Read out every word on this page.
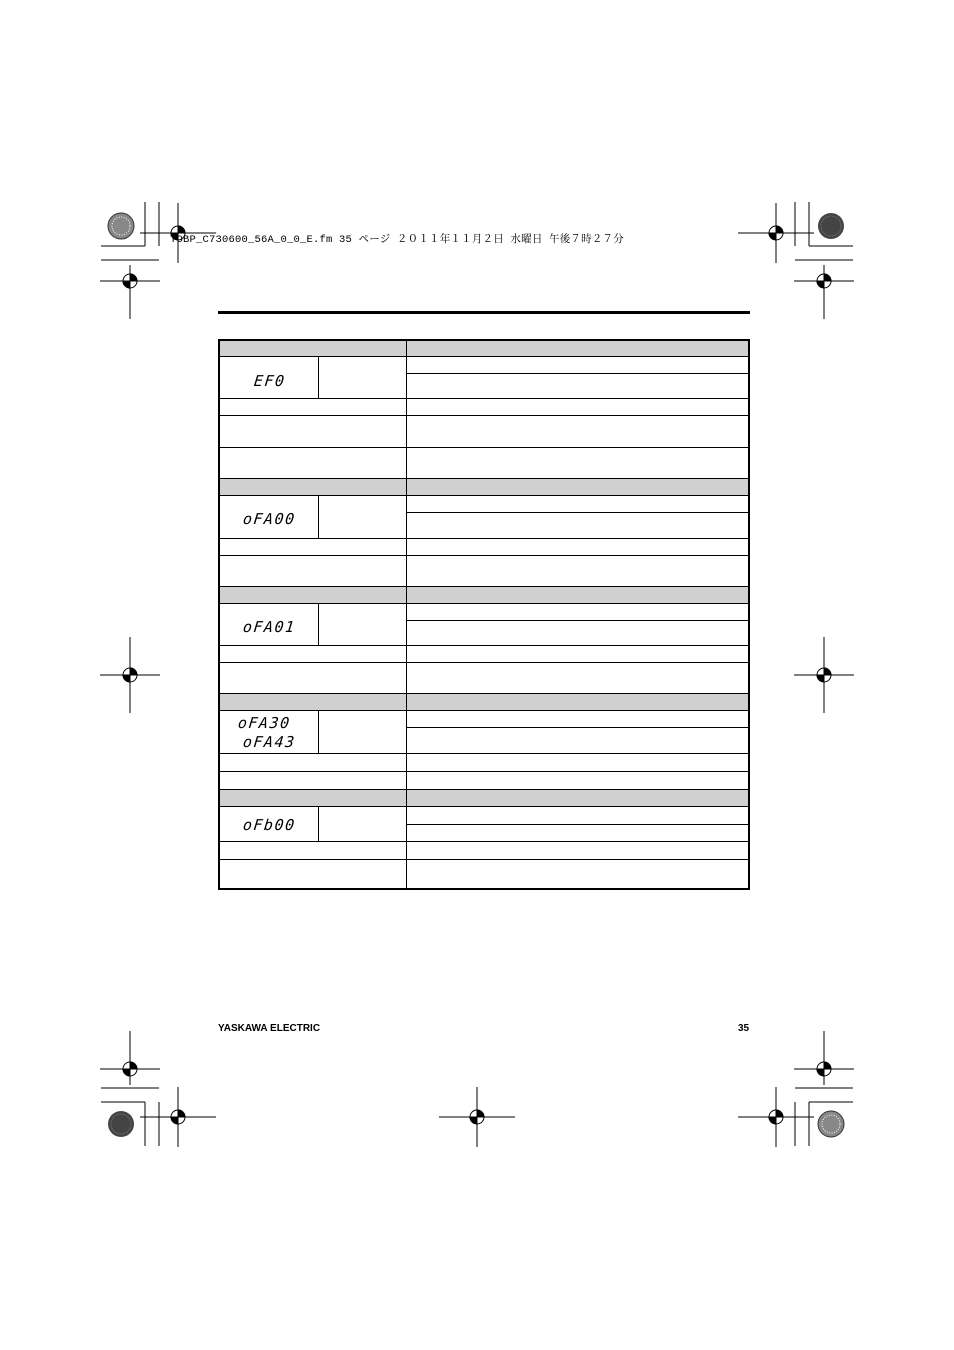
TOBP_C730600_56A_0_0_E.fm 35 ページ ２０１１年１１月２日 水曜日 午後７時２７分
EF0
oFA00
oFA01
oFA30
oFA43
oFb00
YASKAWA ELECTRIC	35
